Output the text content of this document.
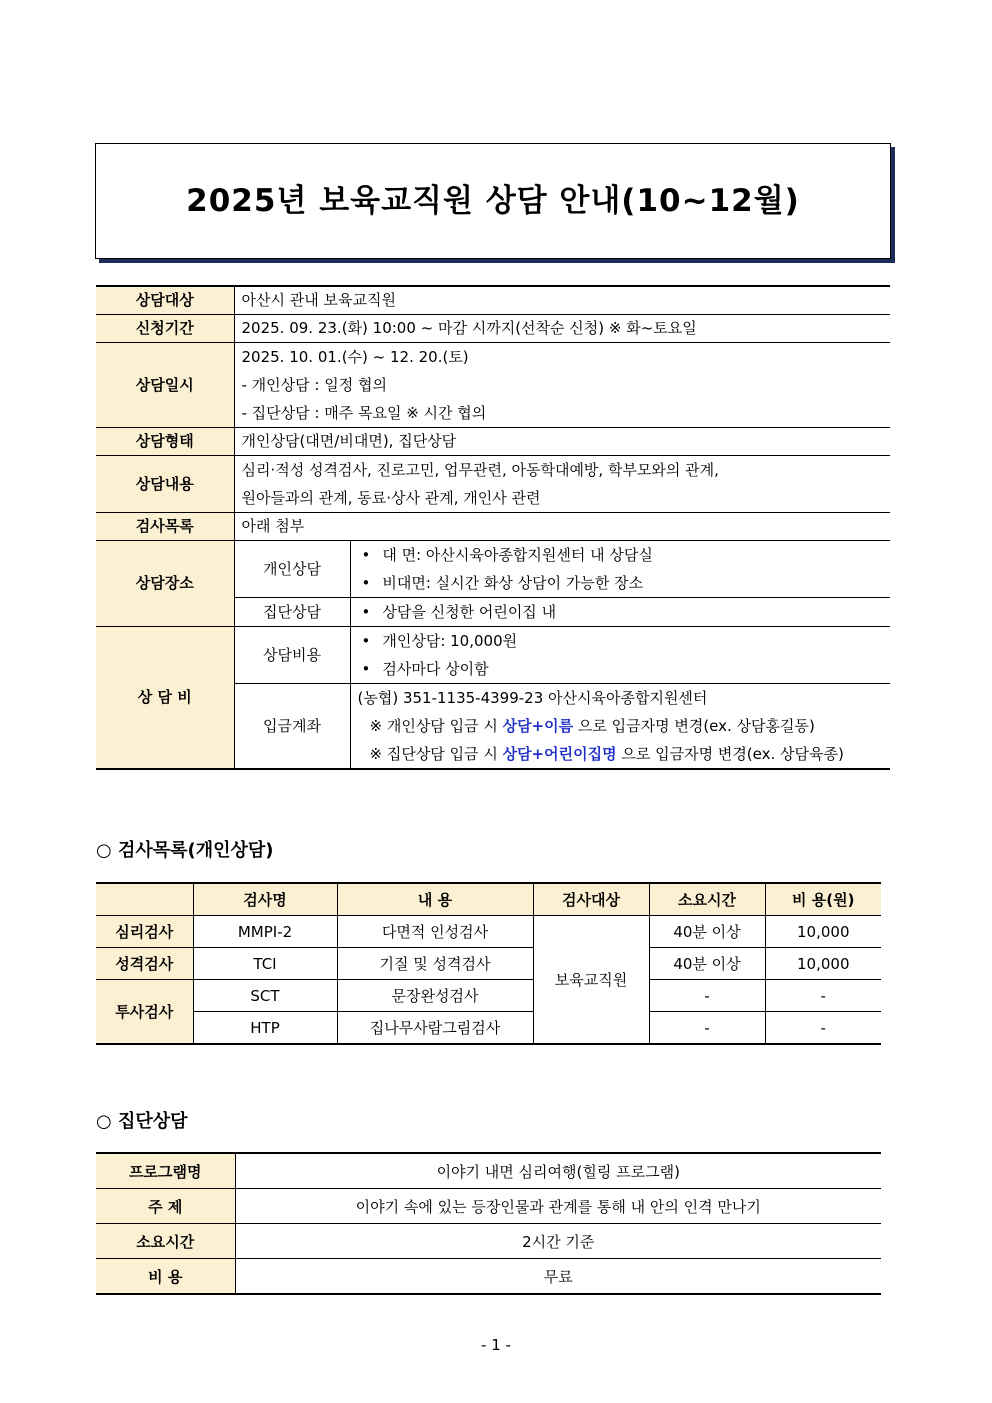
2025년 보육교직원 상담 안내(10~12월)
상담대상	아산시 관내 보육교직원	
신청기간	2025. 09. 23.(화) 10:00 ~ 마감 시까지(선착순 신청) ※ 화~토요일	
상담일시	2025. 10. 01.(수) ~ 12. 20.(토)
- 개인상담 : 일정 협의
- 집단상담 : 매주 목요일 ※ 시간 협의	

상담형태	개인상담(대면/비대면), 집단상담	
상담내용	심리·적성 성격검사, 진로고민, 업무관련, 아동학대예방, 학부모와의 관계,
원아들과의 관계, 동료·상사 관계, 개인사 관련	

검사목록	아래 첨부	
상담장소	개인상담	• 대 면: 아산시육아종합지원센터 내 상담실
• 비대면: 실시간 화상 상담이 가능한 장소

	집단상담	• 상담을 신청한 어린이집 내

상 담 비	상담비용	• 개인상담: 10,000원
• 검사마다 상이함

	입금계좌	(농협) 351-1135-4399-23 아산시육아종합지원센터
※ 개인상담 입금 시 상담+이름 으로 입금자명 변경(ex. 상담홍길동)
※ 집단상담 입금 시 상담+어린이집명 으로 입금자명 변경(ex. 상담육종)
○ 검사목록(개인상담)
	검사명	내 용	검사대상	소요시간	비 용(원)
심리검사	MMPI-2	다면적 인성검사	보육교직원	40분 이상	10,000
성격검사	TCI	기질 및 성격검사		40분 이상	10,000
투사검사	SCT	문장완성검사		-	-
	HTP	집나무사람그림검사		-	-
○ 집단상담
프로그램명	이야기 내면 심리여행(힐링 프로그램)
주 제	이야기 속에 있는 등장인물과 관계를 통해 내 안의 인격 만나기
소요시간	2시간 기준
비 용	무료
- 1 -
